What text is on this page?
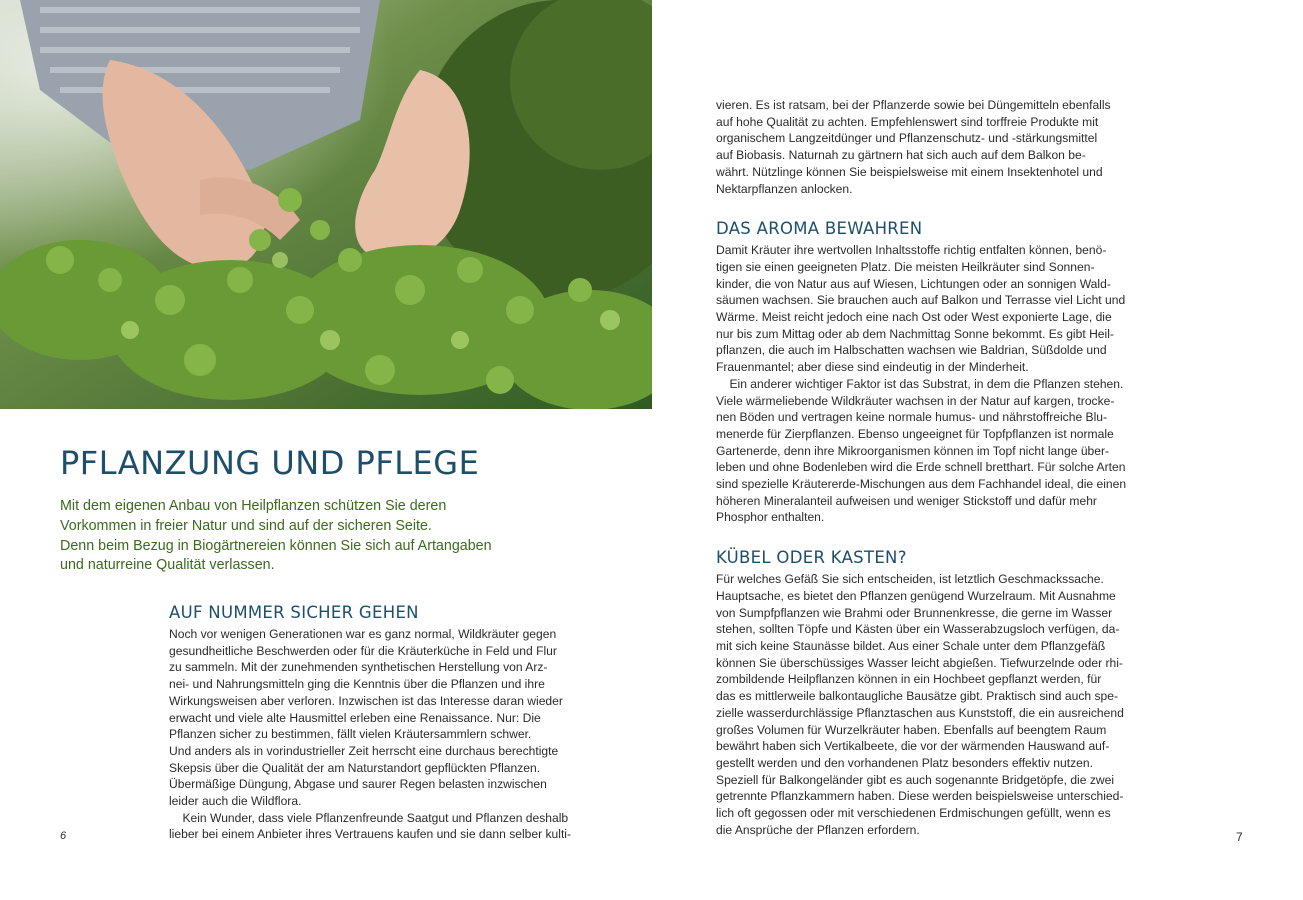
PFLANZUNG UND PFLEGE

Mit dem eigenen Anbau von Heilpflanzen schützen Sie deren
Vorkommen in freier Natur und sind auf der sicheren Seite.
Denn beim Bezug in Biogärtnereien können Sie sich auf Artangaben
und naturreine Qualität verlassen.

AUF NUMMER SICHER GEHEN
Noch vor wenigen Generationen war es ganz normal, Wildkräuter gegen
gesundheitliche Beschwerden oder für die Kräuterküche in Feld und Flur
zu sammeln. Mit der zunehmenden synthetischen Herstellung von Arz-
nei- und Nahrungsmitteln ging die Kenntnis über die Pflanzen und ihre
Wirkungsweisen aber verloren. Inzwischen ist das Interesse daran wieder
erwacht und viele alte Hausmittel erleben eine Renaissance. Nur: Die
Pflanzen sicher zu bestimmen, fällt vielen Kräutersammlern schwer.
Und anders als in vorindustrieller Zeit herrscht eine durchaus berechtigte
Skepsis über die Qualität der am Naturstandort gepflückten Pflanzen.
Übermäßige Düngung, Abgase und saurer Regen belasten inzwischen
leider auch die Wildflora.
Kein Wunder, dass viele Pflanzenfreunde Saatgut und Pflanzen deshalb
lieber bei einem Anbieter ihres Vertrauens kaufen und sie dann selber kulti-
vieren. Es ist ratsam, bei der Pflanzerde sowie bei Düngemitteln ebenfalls
auf hohe Qualität zu achten. Empfehlenswert sind torffreie Produkte mit
organischem Langzeitdünger und Pflanzenschutz- und -stärkungsmittel
auf Biobasis. Naturnah zu gärtnern hat sich auch auf dem Balkon be-
währt. Nützlinge können Sie beispielsweise mit einem Insektenhotel und
Nektarpflanzen anlocken.
DAS AROMA BEWAHREN
Damit Kräuter ihre wertvollen Inhaltsstoffe richtig entfalten können, benö-
tigen sie einen geeigneten Platz. Die meisten Heilkräuter sind Sonnen-
kinder, die von Natur aus auf Wiesen, Lichtungen oder an sonnigen Wald-
säumen wachsen. Sie brauchen auch auf Balkon und Terrasse viel Licht und
Wärme. Meist reicht jedoch eine nach Ost oder West exponierte Lage, die
nur bis zum Mittag oder ab dem Nachmittag Sonne bekommt. Es gibt Heil-
pflanzen, die auch im Halbschatten wachsen wie Baldrian, Süßdolde und
Frauenmantel; aber diese sind eindeutig in der Minderheit.
Ein anderer wichtiger Faktor ist das Substrat, in dem die Pflanzen stehen.
Viele wärmeliebende Wildkräuter wachsen in der Natur auf kargen, trocke-
nen Böden und vertragen keine normale humus- und nährstoffreiche Blu-
menerde für Zierpflanzen. Ebenso ungeeignet für Topfpflanzen ist normale
Gartenerde, denn ihre Mikroorganismen können im Topf nicht lange über-
leben und ohne Bodenleben wird die Erde schnell bretthart. Für solche Arten
sind spezielle Kräutererde-Mischungen aus dem Fachhandel ideal, die einen
höheren Mineralanteil aufweisen und weniger Stickstoff und dafür mehr
Phosphor enthalten.
KÜBEL ODER KASTEN?
Für welches Gefäß Sie sich entscheiden, ist letztlich Geschmackssache.
Hauptsache, es bietet den Pflanzen genügend Wurzelraum. Mit Ausnahme
von Sumpfpflanzen wie Brahmi oder Brunnenkresse, die gerne im Wasser
stehen, sollten Töpfe und Kästen über ein Wasserabzugsloch verfügen, da-
mit sich keine Staunässe bildet. Aus einer Schale unter dem Pflanzgefäß
können Sie überschüssiges Wasser leicht abgießen. Tiefwurzelnde oder rhi-
zombildende Heilpflanzen können in ein Hochbeet gepflanzt werden, für
das es mittlerweile balkontaugliche Bausätze gibt. Praktisch sind auch spe-
zielle wasserdurchlässige Pflanztaschen aus Kunststoff, die ein ausreichend
großes Volumen für Wurzelkräuter haben. Ebenfalls auf beengtem Raum
bewährt haben sich Vertikalbeete, die vor der wärmenden Hauswand auf-
gestellt werden und den vorhandenen Platz besonders effektiv nutzen.
Speziell für Balkongeländer gibt es auch sogenannte Bridgetöpfe, die zwei
getrennte Pflanzkammern haben. Diese werden beispielsweise unterschied-
lich oft gegossen oder mit verschiedenen Erdmischungen gefüllt, wenn es
die Ansprüche der Pflanzen erfordern.
6	7
